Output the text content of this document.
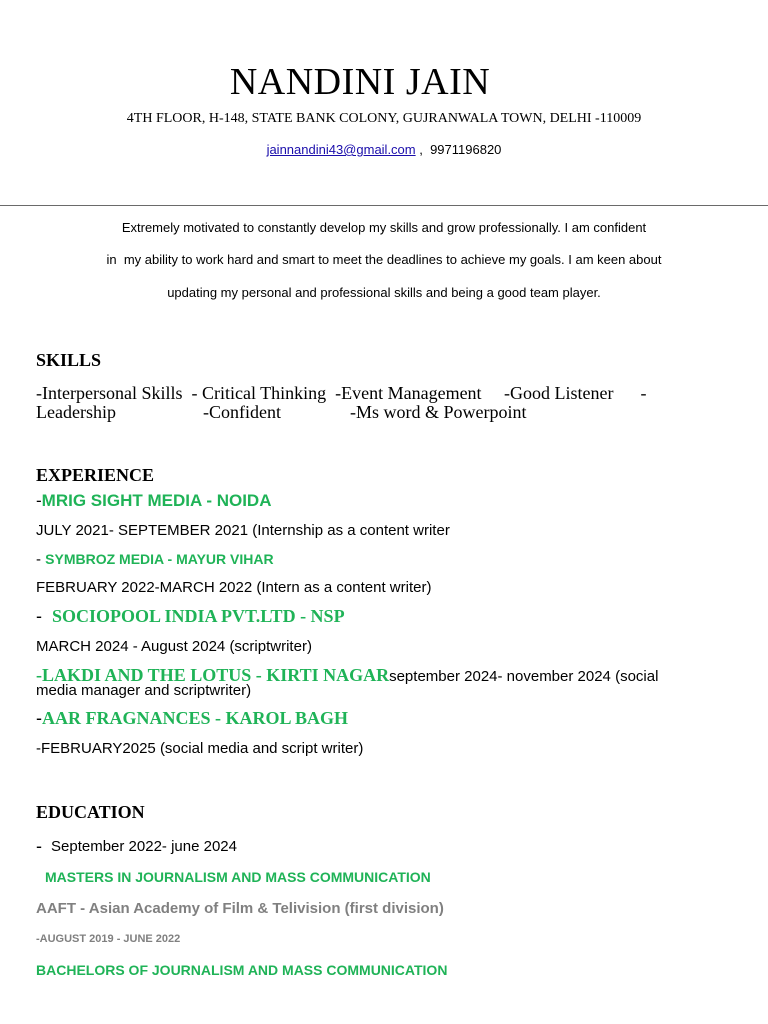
NANDINI JAIN
4TH FLOOR, H-148, STATE BANK COLONY, GUJRANWALA TOWN, DELHI -110009
jainnandini43@gmail.com ,  9971196820
Extremely motivated to constantly develop my skills and grow professionally. I am confident
in  my ability to work hard and smart to meet the deadlines to achieve my goals. I am keen about
updating my personal and professional skills and being a good team player.
SKILLS
-Interpersonal Skills  - Critical Thinking  -Event Management     -Good Listener      -
Leadership	-Confident	-Ms word & Powerpoint
EXPERIENCE
-MRIG SIGHT MEDIA - NOIDA
JULY 2021- SEPTEMBER 2021 (Internship as a content writer
- SYMBROZ MEDIA - MAYUR VIHAR
FEBRUARY 2022-MARCH 2022 (Intern as a content writer)
-  SOCIOPOOL INDIA PVT.LTD - NSP
MARCH 2024 - August 2024 (scriptwriter)
-LAKDI AND THE LOTUS - KIRTI NAGARseptember 2024- november 2024 (social
media manager and scriptwriter)
-AAR FRAGNANCES - KAROL BAGH
-FEBRUARY2025 (social media and script writer)
EDUCATION
- September 2022- june 2024
MASTERS IN JOURNALISM AND MASS COMMUNICATION
AAFT - Asian Academy of Film & Telivision (first division)
-AUGUST 2019 - JUNE 2022
BACHELORS OF JOURNALISM AND MASS COMMUNICATION
